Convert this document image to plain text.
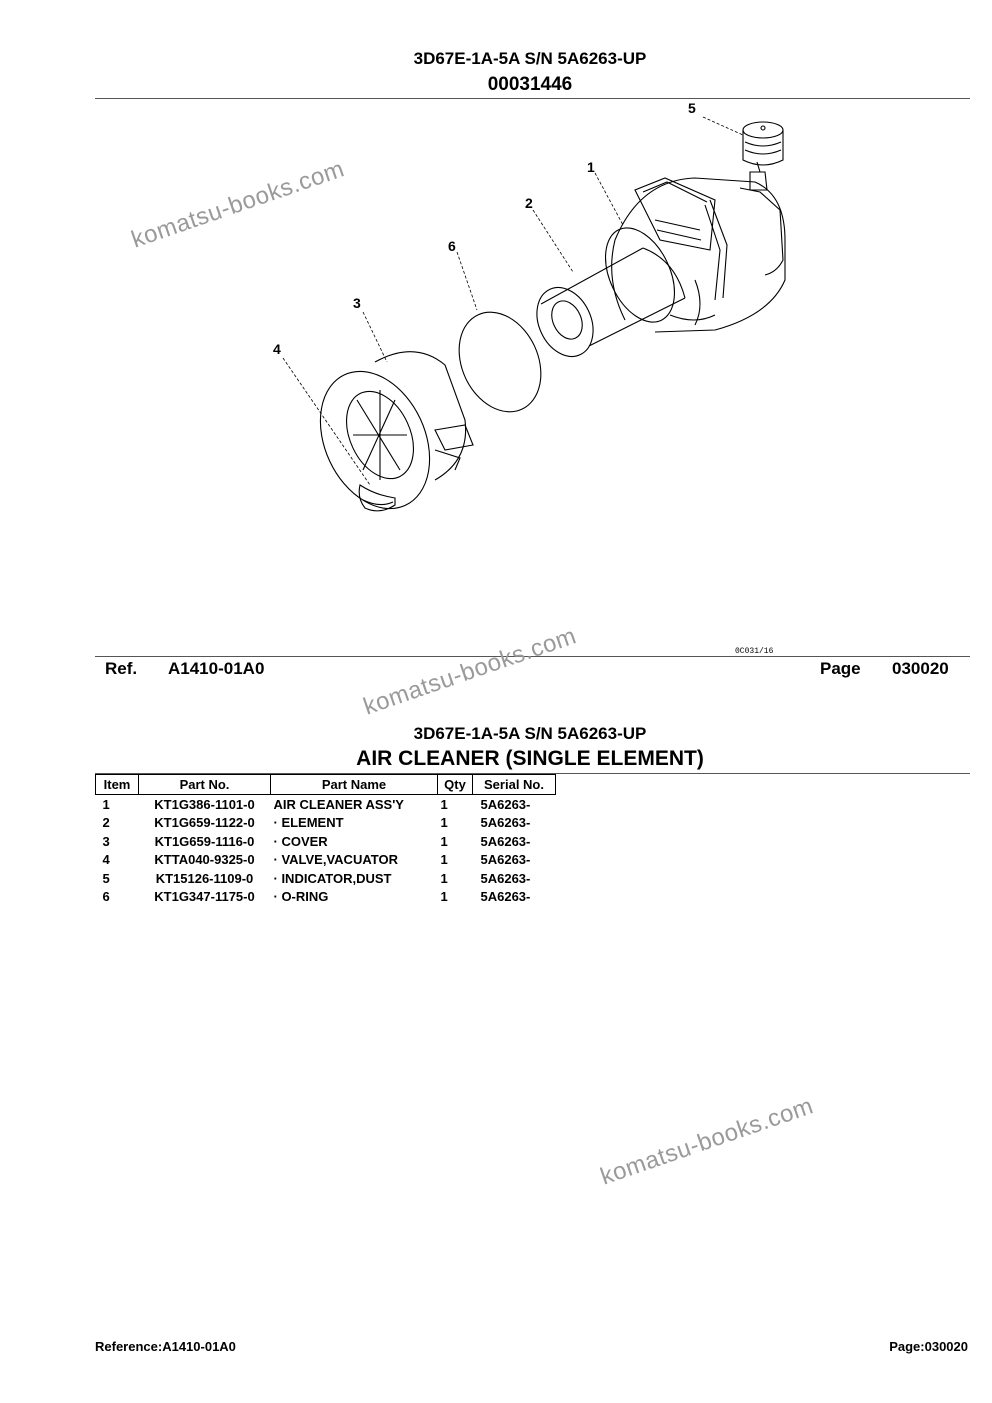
3D67E-1A-5A S/N 5A6263-UP
00031446
5
1
2
6
3
4
0C031/16
Ref. A1410-01A0	Page 030020
3D67E-1A-5A S/N 5A6263-UP
AIR CLEANER (SINGLE ELEMENT)
Item	Part No.	Part Name	Qty	Serial No.
1	KT1G386-1101-0	AIR CLEANER ASS'Y	1	5A6263-
2	KT1G659-1122-0	· ELEMENT	1	5A6263-
3	KT1G659-1116-0	· COVER	1	5A6263-
4	KTTA040-9325-0	· VALVE,VACUATOR	1	5A6263-
5	KT15126-1109-0	· INDICATOR,DUST	1	5A6263-
6	KT1G347-1175-0	· O-RING	1	5A6263-
komatsu-books.com
komatsu-books.com
komatsu-books.com
Reference:A1410-01A0	Page:030020
